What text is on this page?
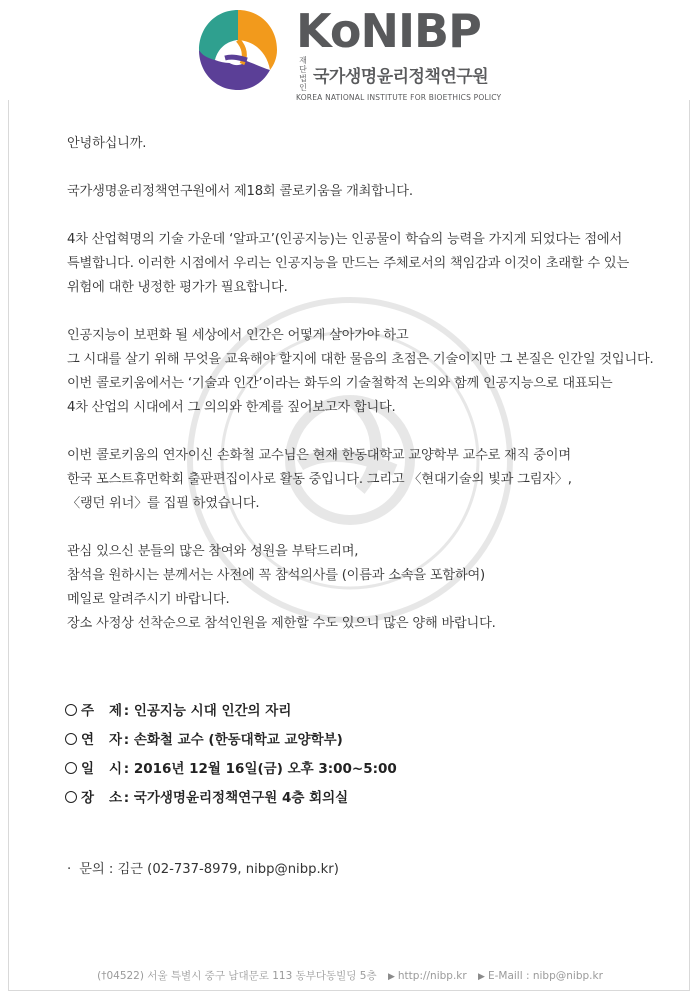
KoNIBP
재단법인
국가생명윤리정책연구원
KOREA NATIONAL INSTITUTE FOR BIOETHICS POLICY

안녕하십니까.

국가생명윤리정책연구원에서 제18회 콜로키움을 개최합니다.

4차 산업혁명의 기술 가운데 ‘알파고’(인공지능)는 인공물이 학습의 능력을 가지게 되었다는 점에서
특별합니다. 이러한 시점에서 우리는 인공지능을 만드는 주체로서의 책임감과 이것이 초래할 수 있는
위험에 대한 냉정한 평가가 필요합니다.

인공지능이 보편화 될 세상에서 인간은 어떻게 살아가야 하고
그 시대를 살기 위해 무엇을 교육해야 할지에 대한 물음의 초점은 기술이지만 그 본질은 인간일 것입니다.
이번 콜로키움에서는 ‘기술과 인간’이라는 화두의 기술철학적 논의와 함께 인공지능으로 대표되는
4차 산업의 시대에서 그 의의와 한계를 짚어보고자 합니다.

이번 콜로키움의 연자이신 손화철 교수님은 현재 한동대학교 교양학부 교수로 재직 중이며
한국 포스트휴먼학회 출판편집이사로 활동 중입니다. 그리고 〈현대기술의 빛과 그림자〉,
〈랭던 위너〉를 집필 하였습니다.

관심 있으신 분들의 많은 참여와 성원을 부탁드리며,
참석을 원하시는 분께서는 사전에 꼭 참석의사를 (이름과 소속을 포함하여)
메일로 알려주시기 바랍니다.
장소 사정상 선착순으로 참석인원을 제한할 수도 있으니 많은 양해 바랍니다.

주 제 : 인공지능 시대 인간의 자리
연 자 : 손화철 교수 (한동대학교 교양학부)
일 시 : 2016년 12월 16일(금) 오후 3:00~5:00
장 소 : 국가생명윤리정책연구원 4층 회의실
· 문의 : 김근 (02-737-8979, nibp@nibp.kr)
(†04522) 서울 특별시 중구 남대문로 113 동부다동빌딩 5층 ▶ http://nibp.kr ▶ E-Maill : nibp@nibp.kr
